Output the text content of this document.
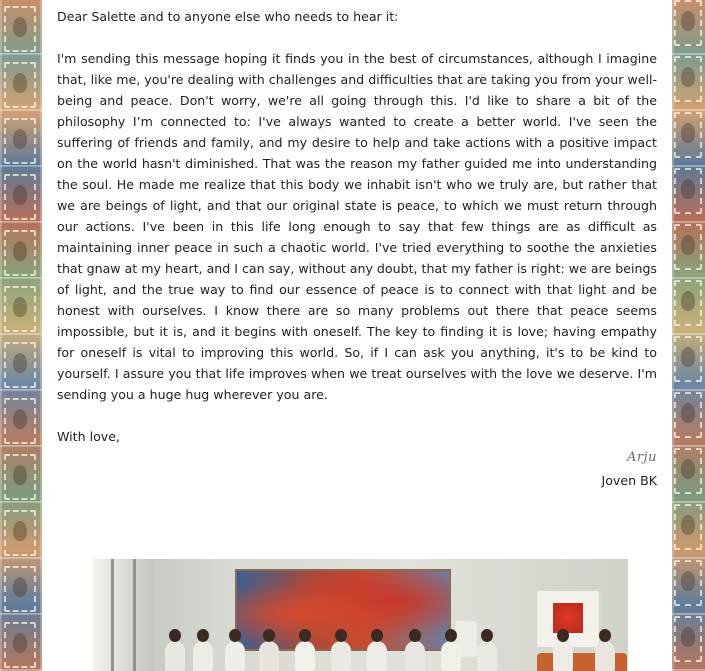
Dear Salette and to anyone else who needs to hear it:

I'm sending this message hoping it finds you in the best of circumstances, although I imagine that, like me, you're dealing with challenges and difficulties that are taking you from your well-being and peace. Don't worry, we're all going through this. I'd like to share a bit of the philosophy I’m connected to: I've always wanted to create a better world. I've seen the suffering of friends and family, and my desire to help and take actions with a positive impact on the world hasn't diminished. That was the reason my father guided me into understanding the soul. He made me realize that this body we inhabit isn't who we truly are, but rather that we are beings of light, and that our original state is peace, to which we must return through our actions. I've been in this life long enough to say that few things are as difficult as maintaining inner peace in such a chaotic world. I've tried everything to soothe the anxieties that gnaw at my heart, and I can say, without any doubt, that my father is right: we are beings of light, and the true way to find our essence of peace is to connect with that light and be honest with ourselves. I know there are so many problems out there that peace seems impossible, but it is, and it begins with oneself. The key to finding it is love; having empathy for oneself is vital to improving this world. So, if I can ask you anything, it's to be kind to yourself. I assure you that life improves when we treat ourselves with the love we deserve. I'm sending you a huge hug wherever you are.

With love,

Arju
Joven BK
